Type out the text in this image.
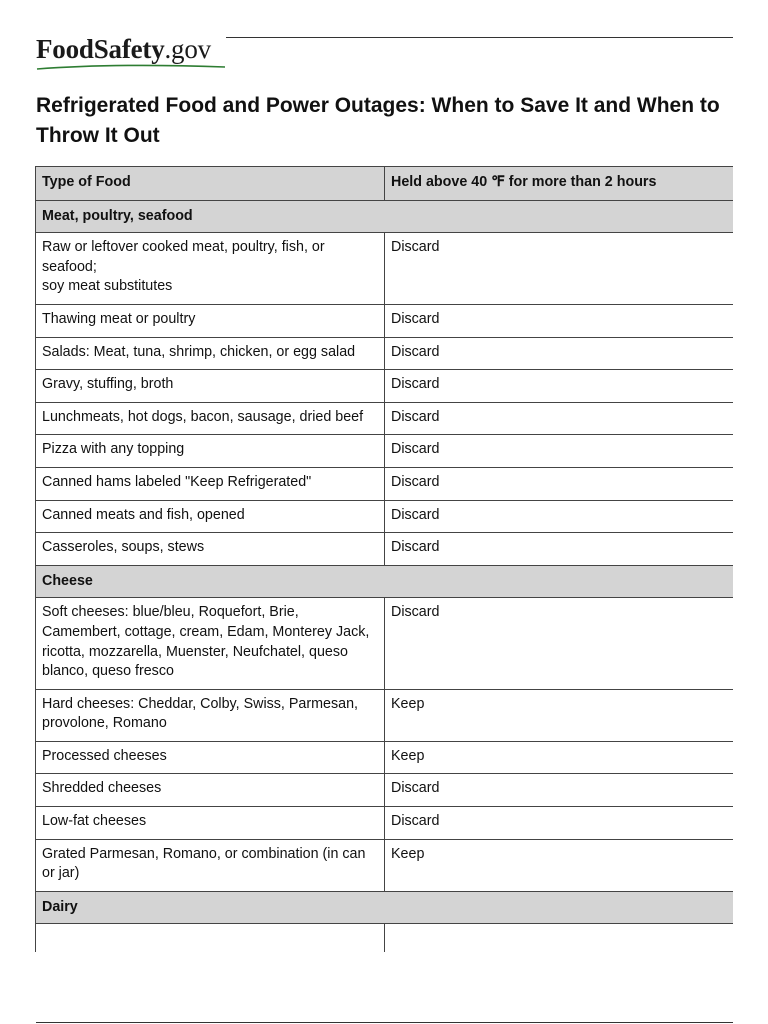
FoodSafety.gov
Refrigerated Food and Power Outages: When to Save It and When to Throw It Out
Type of Food	Held above 40 ℉ for more than 2 hours
Meat, poultry, seafood	

Raw or leftover cooked meat, poultry, fish, or seafood;
soy meat substitutes	Discard

Thawing meat or poultry	Discard

Salads: Meat, tuna, shrimp, chicken, or egg salad	Discard

Gravy, stuffing, broth	Discard

Lunchmeats, hot dogs, bacon, sausage, dried beef	Discard

Pizza with any topping	Discard

Canned hams labeled "Keep Refrigerated"	Discard

Canned meats and fish, opened	Discard

Casseroles, soups, stews	Discard
Cheese	

Soft cheeses: blue/bleu, Roquefort, Brie, Camembert, cottage, cream, Edam, Monterey Jack, ricotta, mozzarella, Muenster, Neufchatel, queso blanco, queso fresco	Discard

Hard cheeses: Cheddar, Colby, Swiss, Parmesan, provolone, Romano	Keep

Processed cheeses	Keep

Shredded cheeses	Discard

Low-fat cheeses	Discard

Grated Parmesan, Romano, or combination (in can or jar)	Keep
Dairy	
